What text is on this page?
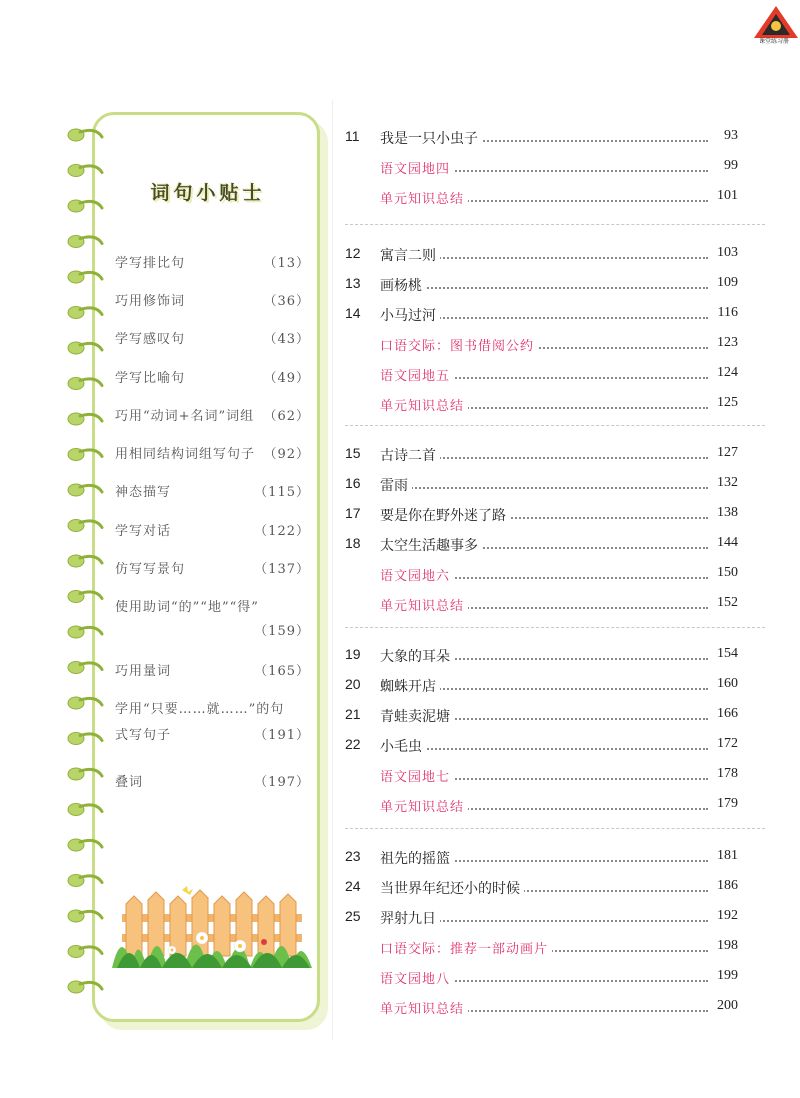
课堂练习册
词句小贴士
学写排比句	（13）
巧用修饰词	（36）
学写感叹句	（43）
学写比喻句	（49）
巧用“动词+名词”词组 （62）
用相同结构词组写句子 （92）
神态描写	（115）
学写对话	（122）
仿写写景句	（137）
使用助词“的”“地”“得”
（159）
巧用量词	（165）
学用“只要……就……”的句
式写句子	（191）
叠词	（197）
11	我是一只小虫子	93
语文园地四	99
单元知识总结	101
12	寓言二则	103
13	画杨桃	109
14	小马过河	116
口语交际：图书借阅公约	123
语文园地五	124
单元知识总结	125
15	古诗二首	127
16	雷雨	132
17	要是你在野外迷了路	138
18	太空生活趣事多	144
语文园地六	150
单元知识总结	152
19	大象的耳朵	154
20	蜘蛛开店	160
21	青蛙卖泥塘	166
22	小毛虫	172
语文园地七	178
单元知识总结	179
23	祖先的摇篮	181
24	当世界年纪还小的时候	186
25	羿射九日	192
口语交际：推荐一部动画片	198
语文园地八	199
单元知识总结	200
